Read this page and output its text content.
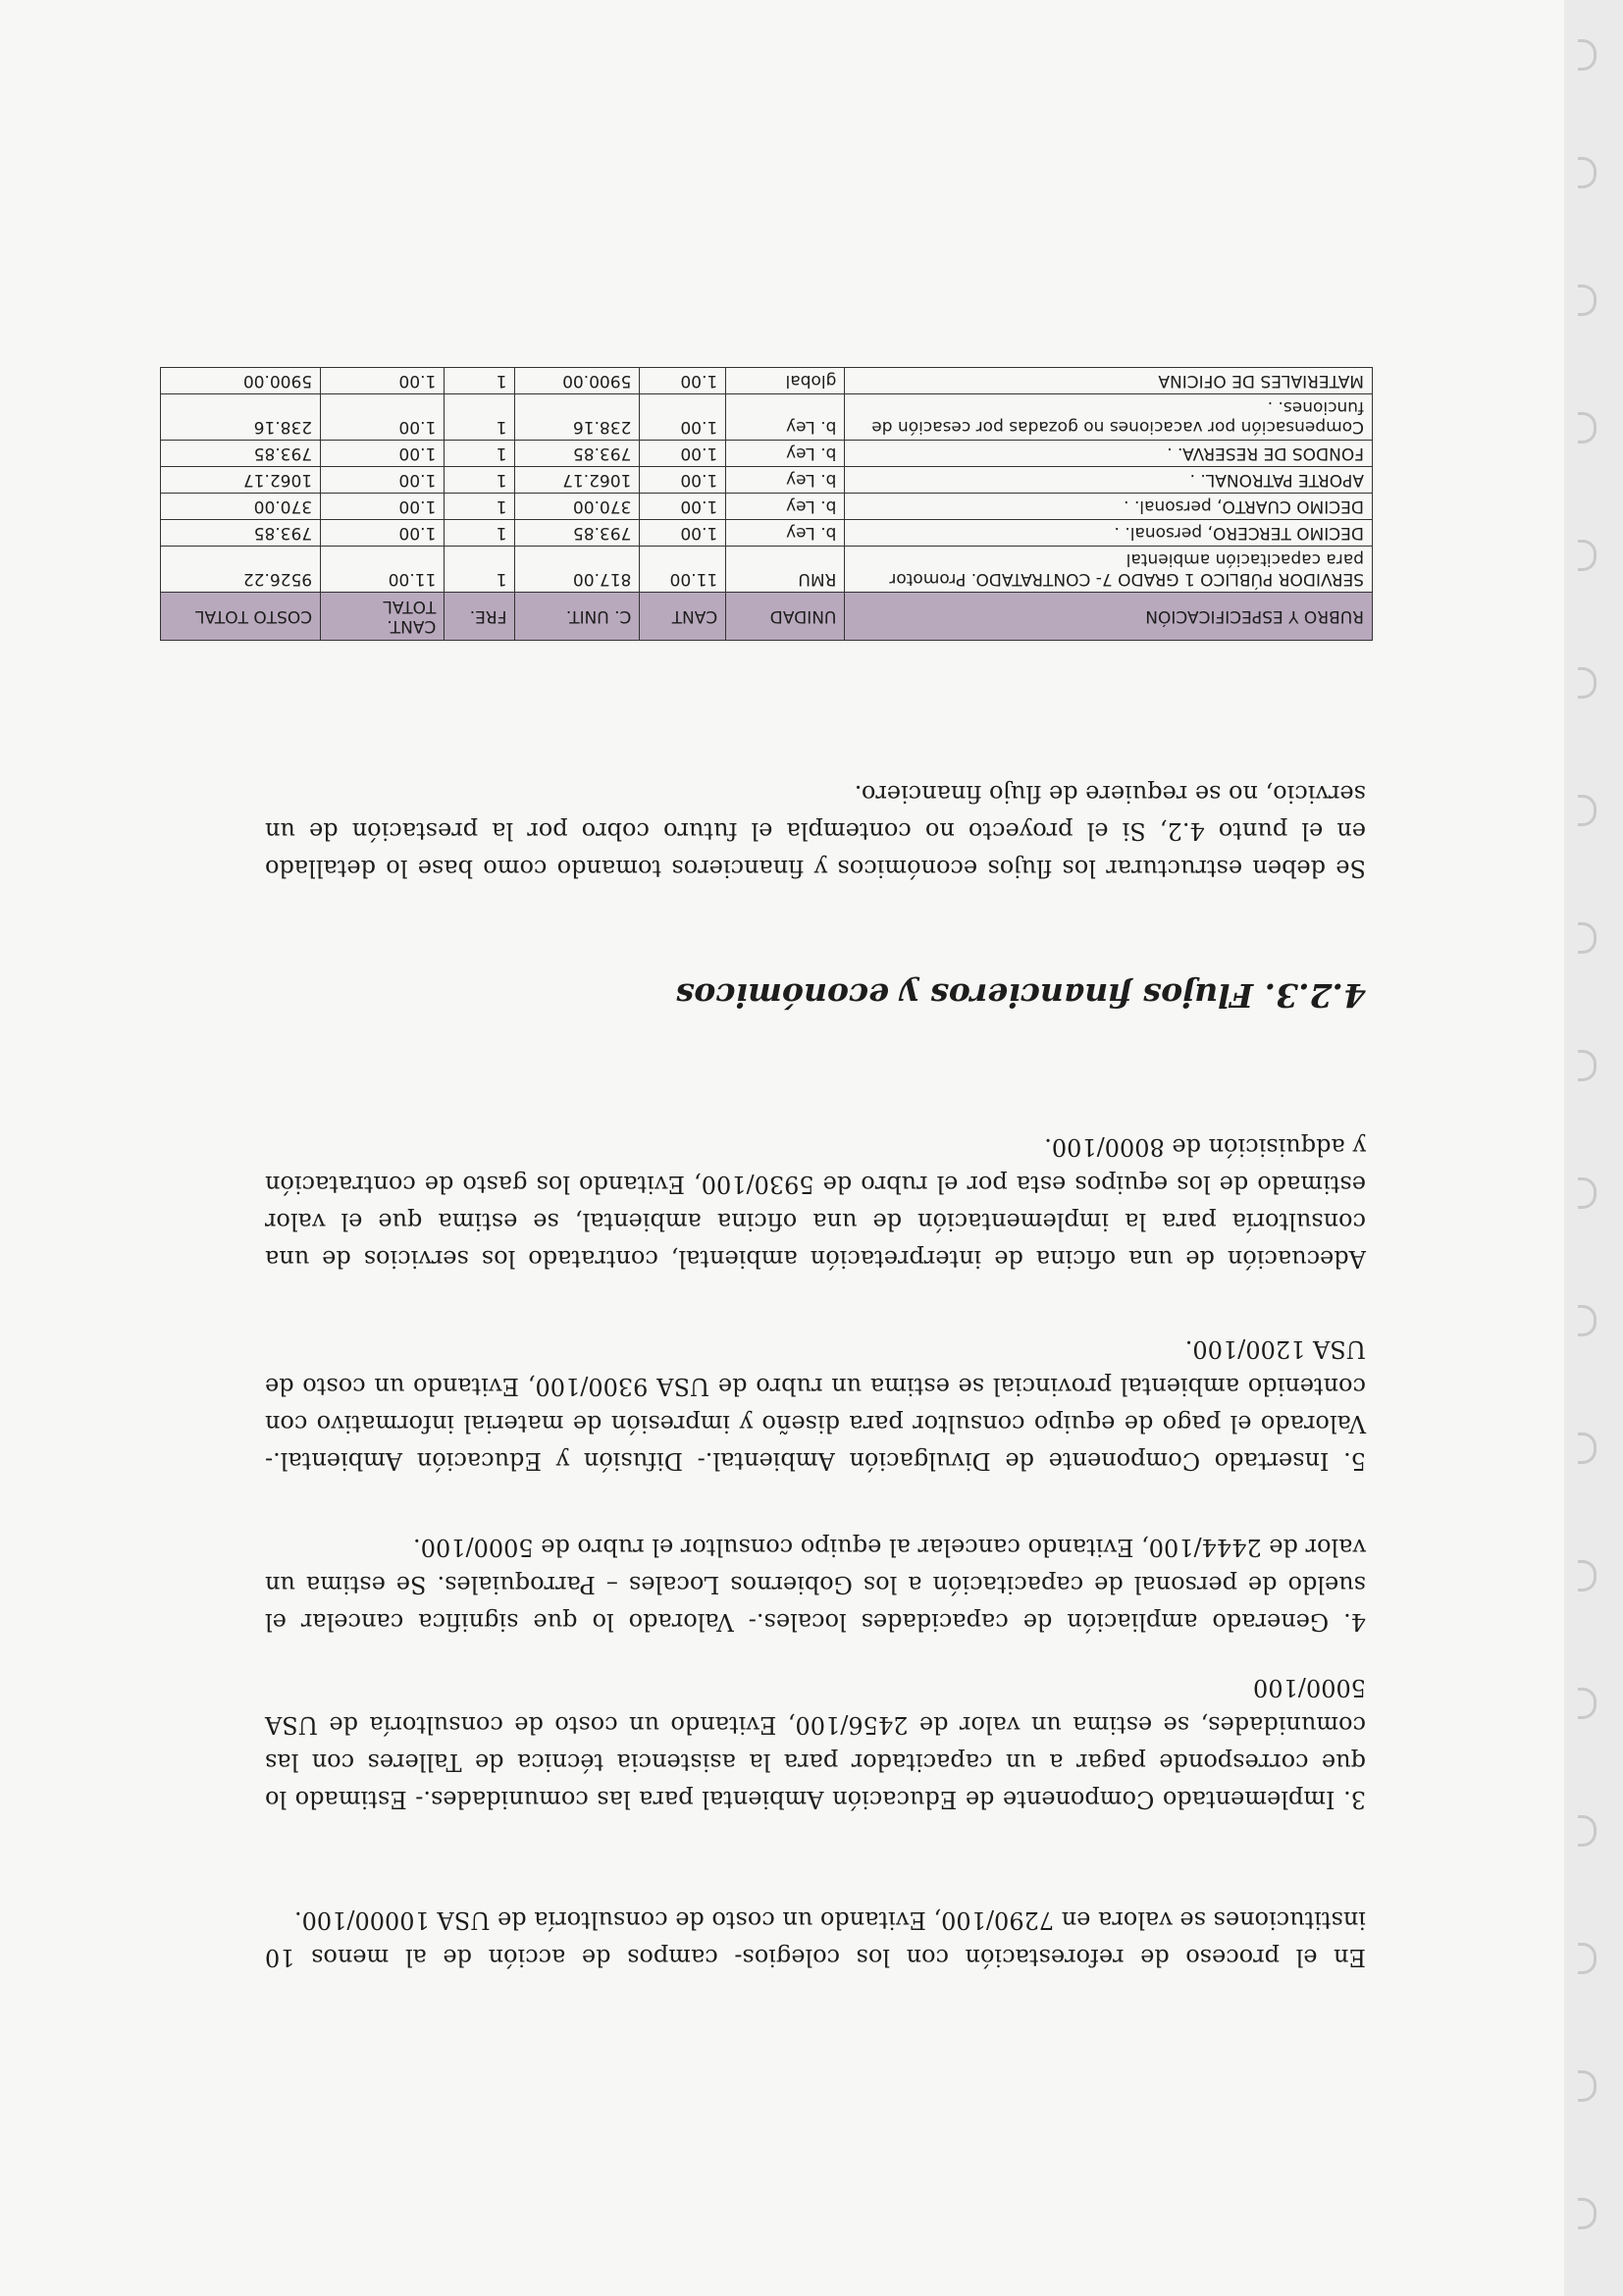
RUBRO Y ESPECIFICACIÓN	UNIDAD	CANT	C. UNIT.	FRE.	CANT. TOTAL	COSTO TOTAL
SERVIDOR PÚBLICO 1 GRADO 7- CONTRATADO. Promotor para capacitación ambiental	RMU	11.00	817.00	1	11.00	9526.22
DECIMO TERCERO, personal. .	b. Ley	1.00	793.85	1	1.00	793.85
DECIMO CUARTO, personal. .	b. Ley	1.00	370.00	1	1.00	370.00
APORTE PATRONAL. .	b. Ley	1.00	1062.17	1	1.00	1062.17
FONDOS DE RESERVA. .	b. Ley	1.00	793.85	1	1.00	793.85
Compensación por vacaciones no gozadas por cesación de funciones. .	b. Ley	1.00	238.16	1	1.00	238.16
MATERIALES DE OFICINA	global	1.00	5900.00	1	1.00	5900.00
Se deben estructurar los flujos económicos y financieros tomando como base lo detallado en el punto 4.2, Si el proyecto no contempla el futuro cobro por la prestación de un servicio, no se requiere de flujo financiero.
4.2.3. Flujos financieros y económicos
Adecuación de una oficina de interpretación ambiental, contratado los servicios de una consultoría para la implementación de una oficina ambiental, se estima que el valor estimado de los equipos esta por el rubro de 5930/100, Evitando los gasto de contratación y adquisición de 8000/100.
5. Insertado Componente de Divulgación Ambiental.- Difusión y Educación Ambiental.- Valorado el pago de equipo consultor para diseño y impresión de material informativo con contenido ambiental provincial se estima un rubro de USA 9300/100, Evitando un costo de USA 1200/100.
4. Generado ampliación de capacidades locales.- Valorado lo que significa cancelar el sueldo de personal de capacitación a los Gobiernos Locales – Parroquiales. Se estima un valor de 2444/100, Evitando cancelar al equipo consultor el rubro de 5000/100.
3. Implementado Componente de Educación Ambiental para las comunidades.- Estimado lo que corresponde pagar a un capacitador para la asistencia técnica de Talleres con las comunidades, se estima un valor de 2456/100, Evitando un costo de consultoría de USA 5000/100
En el proceso de reforestación con los colegios- campos de acción de al menos 10 instituciones se valora en 7290/100, Evitando un costo de consultoría de USA 10000/100.
